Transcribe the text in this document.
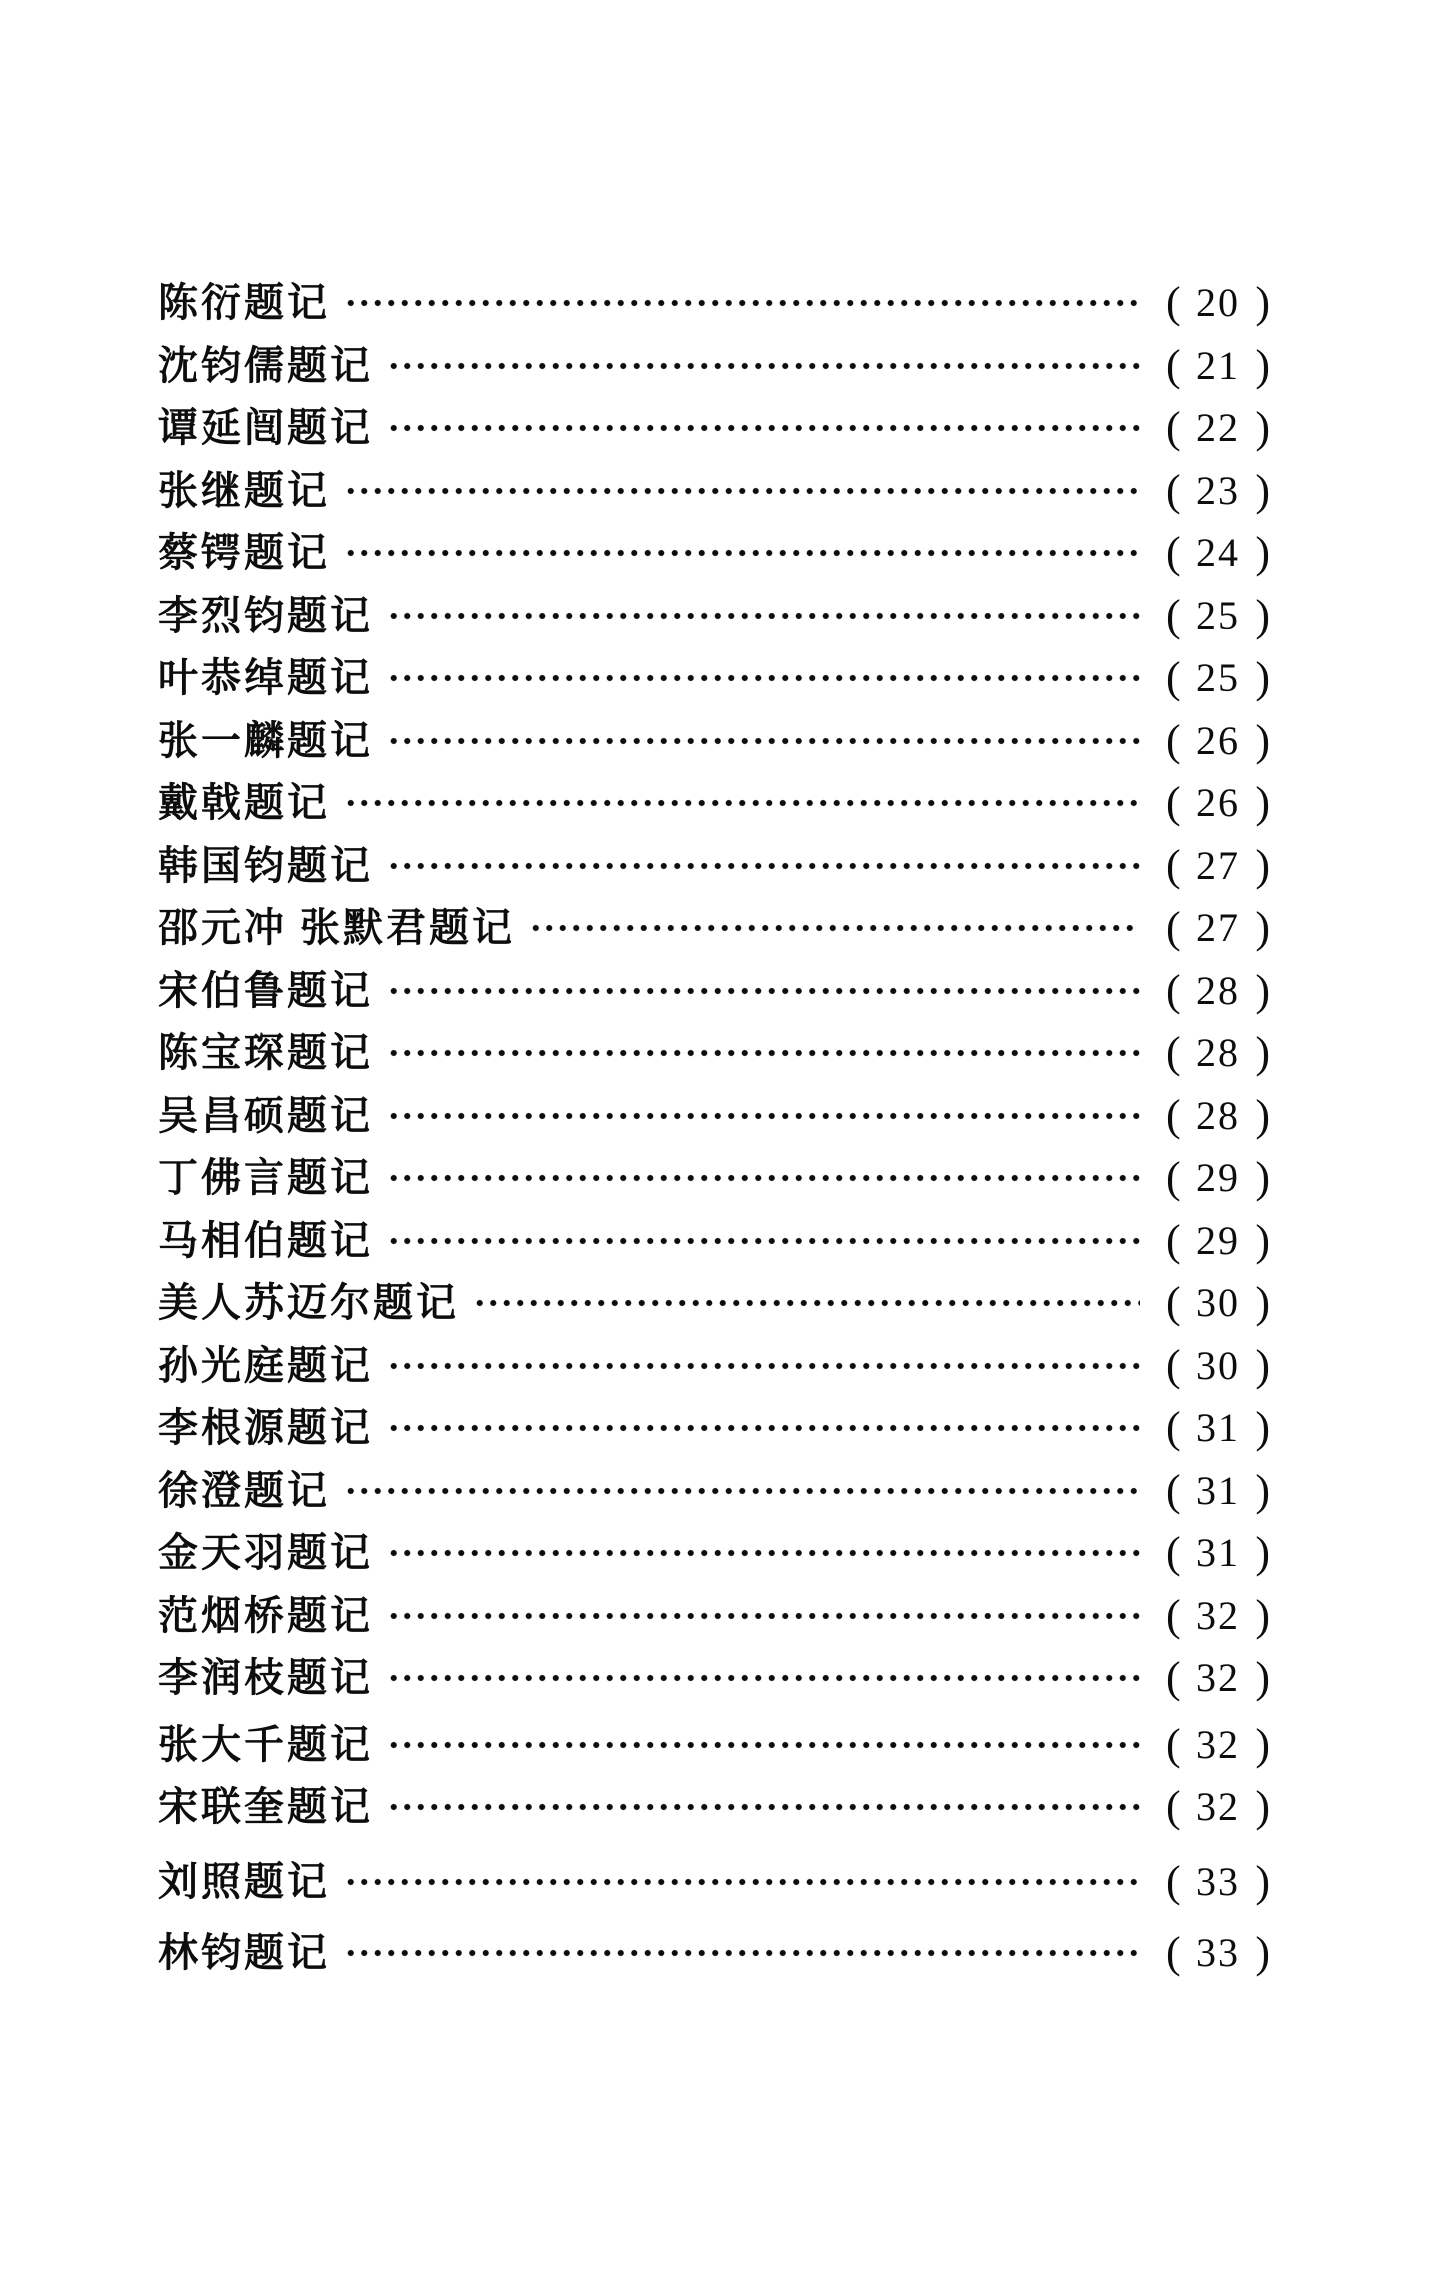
陈衍题记	( 20 )
沈钧儒题记	( 21 )
谭延闿题记	( 22 )
张继题记	( 23 )
蔡锷题记	( 24 )
李烈钧题记	( 25 )
叶恭绰题记	( 25 )
张一麟题记	( 26 )
戴戟题记	( 26 )
韩国钧题记	( 27 )
邵元冲 张默君题记	( 27 )
宋伯鲁题记	( 28 )
陈宝琛题记	( 28 )
吴昌硕题记	( 28 )
丁佛言题记	( 29 )
马相伯题记	( 29 )
美人苏迈尔题记	( 30 )
孙光庭题记	( 30 )
李根源题记	( 31 )
徐澄题记	( 31 )
金天羽题记	( 31 )
范烟桥题记	( 32 )
李润枝题记	( 32 )
张大千题记	( 32 )
宋联奎题记	( 32 )
刘照题记	( 33 )
林钧题记	( 33 )
